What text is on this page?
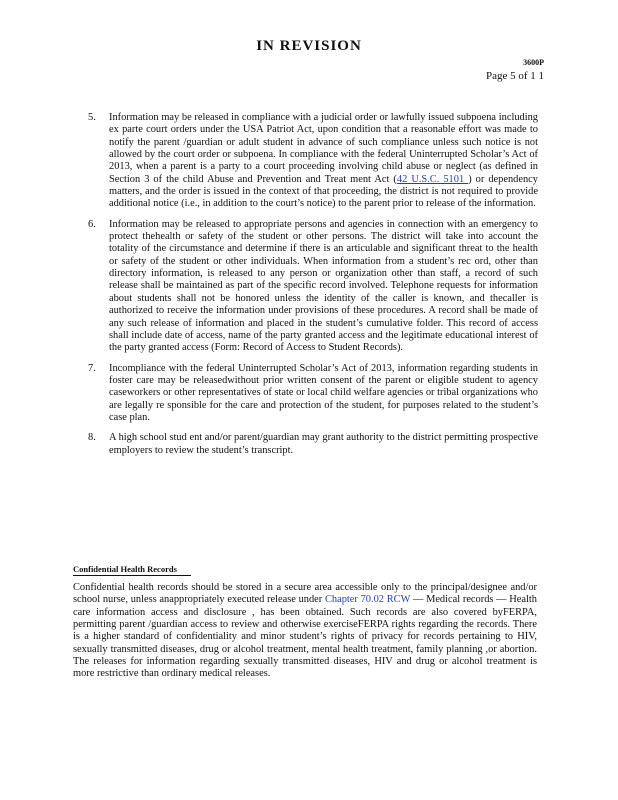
IN REVISION
3600P
Page 5 of 1 1
5. Information may be released in compliance with a judicial order or lawfully issued subpoena including ex parte court orders under the USA Patriot Act, upon condition that a reasonable effort was made to notify the parent /guardian or adult student in advance of such compliance unless such notice is not allowed by the court order or subpoena. In compliance with the federal Uninterrupted Scholar’s Act of 2013, when a parent is a party to a court proceeding involving child abuse or neglect (as defined in Section 3 of the child Abuse and Prevention and Treat ment Act (42 U.S.C. 5101 ) or dependency matters, and the order is issued in the context of that proceeding, the district is not required to provide additional notice (i.e., in addition to the court’s notice) to the parent prior to release of the information.
6. Information may be released to appropriate persons and agencies in connection with an emergency to protect thehealth or safety of the student or other persons. The district will take into account the totality of the circumstance and determine if there is an articulable and significant threat to the health or safety of the student or other individuals. When information from a student’s rec ord, other than directory information, is released to any person or organization other than staff, a record of such release shall be maintained as part of the specific record involved. Telephone requests for information about students shall not be honored unless the identity of the caller is known, and thecaller is authorized to receive the information under provisions of these procedures. A record shall be made of any such release of information and placed in the student’s cumulative folder. This record of access shall include date of access, name of the party granted access and the legitimate educational interest of the party granted access (Form: Record of Access to Student Records).
7. Incompliance with the federal Uninterrupted Scholar’s Act of 2013, information regarding students in foster care may be releasedwithout prior written consent of the parent or eligible student to agency caseworkers or other representatives of state or local child welfare agencies or tribal organizations who are legally re sponsible for the care and protection of the student, for purposes related to the student’s case plan.
8. A high school stud ent and/or parent/guardian may grant authority to the district permitting prospective employers to review the student’s transcript.
Confidential Health Records

Confidential health records should be stored in a secure area accessible only to the principal/designee and/or school nurse, unless anappropriately executed release under Chapter 70.02 RCW — Medical records — Health care information access and disclosure , has been obtained. Such records are also covered byFERPA, permitting parent /guardian access to review and otherwise exerciseFERPA rights regarding the records. There is a higher standard of confidentiality and minor student’s rights of privacy for records pertaining to HIV, sexually transmitted diseases, drug or alcohol treatment, mental health treatment, family planning ,or abortion. The releases for information regarding sexually transmitted diseases, HIV and drug or alcohol treatment is more restrictive than ordinary medical releases.
